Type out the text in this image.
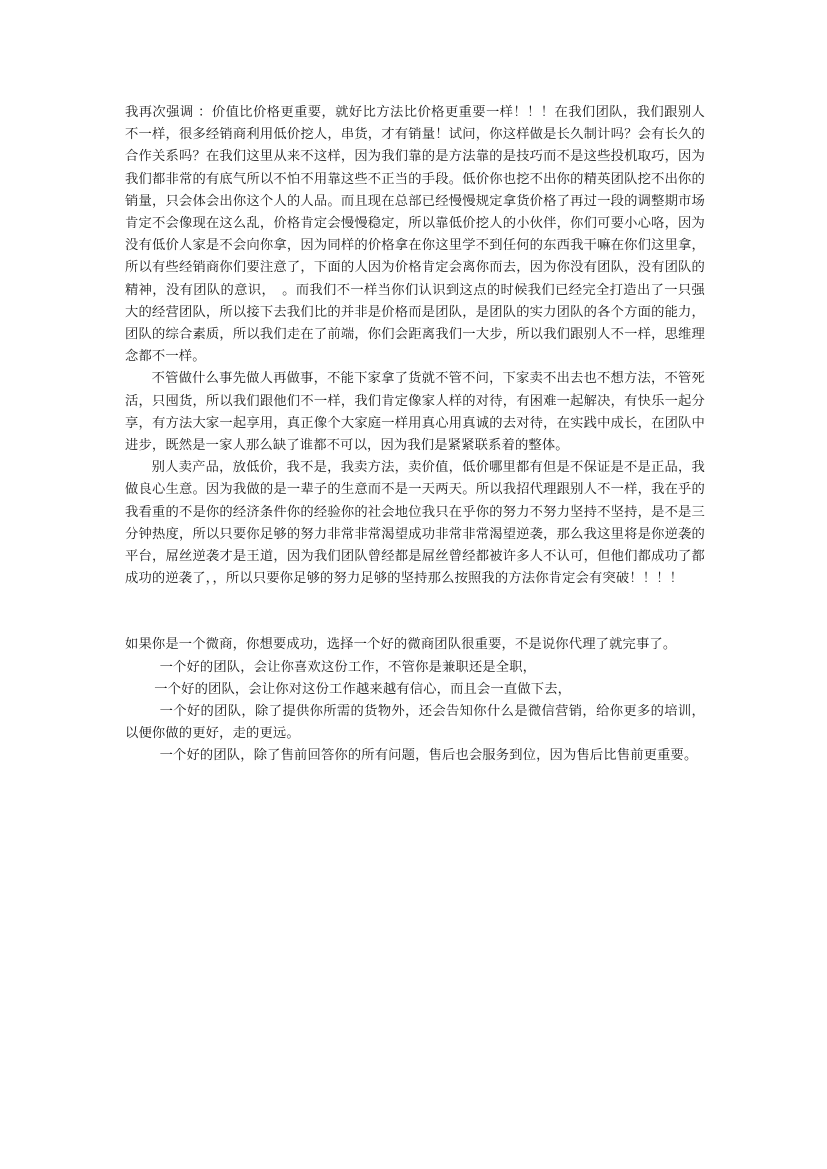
我再次强调 ：价值比价格更重要，就好比方法比价格更重要一样！！！在我们团队，我们跟别人不一样，很多经销商利用低价挖人，串货，才有销量！试问，你这样做是长久制计吗？会有长久的合作关系吗？在我们这里从来不这样，因为我们靠的是方法靠的是技巧而不是这些投机取巧，因为我们都非常的有底气所以不怕不用靠这些不正当的手段。低价你也挖不出你的精英团队挖不出你的销量，只会体会出你这个人的人品。而且现在总部已经慢慢规定拿货价格了再过一段的调整期市场肯定不会像现在这么乱，价格肯定会慢慢稳定，所以靠低价挖人的小伙伴，你们可要小心咯，因为没有低价人家是不会向你拿，因为同样的价格拿在你这里学不到任何的东西我干嘛在你们这里拿，所以有些经销商你们要注意了，下面的人因为价格肯定会离你而去，因为你没有团队，没有团队的精神，没有团队的意识，　。而我们不一样当你们认识到这点的时候我们已经完全打造出了一只强大的经营团队，所以接下去我们比的并非是价格而是团队，是团队的实力团队的各个方面的能力，团队的综合素质，所以我们走在了前端，你们会距离我们一大步，所以我们跟别人不一样，思维理念都不一样。

不管做什么事先做人再做事，不能下家拿了货就不管不问，下家卖不出去也不想方法，不管死活，只囤货，所以我们跟他们不一样，我们肯定像家人样的对待，有困难一起解决，有快乐一起分享，有方法大家一起享用，真正像个大家庭一样用真心用真诚的去对待，在实践中成长，在团队中进步，既然是一家人那么缺了谁都不可以，因为我们是紧紧联系着的整体。

别人卖产品，放低价，我不是，我卖方法，卖价值，低价哪里都有但是不保证是不是正品，我做良心生意。因为我做的是一辈子的生意而不是一天两天。所以我招代理跟别人不一样，我在乎的我看重的不是你的经济条件你的经验你的社会地位我只在乎你的努力不努力坚持不坚持，是不是三分钟热度，所以只要你足够的努力非常非常渴望成功非常非常渴望逆袭，那么我这里将是你逆袭的平台，屌丝逆袭才是王道，因为我们团队曾经都是屌丝曾经都被许多人不认可，但他们都成功了都成功的逆袭了，，所以只要你足够的努力足够的坚持那么按照我的方法你肯定会有突破！！！！

如果你是一个微商，你想要成功，选择一个好的微商团队很重要，不是说你代理了就完事了。

一个好的团队，会让你喜欢这份工作，不管你是兼职还是全职，

一个好的团队，会让你对这份工作越来越有信心，而且会一直做下去，

一个好的团队，除了提供你所需的货物外，还会告知你什么是微信营销，给你更多的培训，以便你做的更好，走的更远。

一个好的团队，除了售前回答你的所有问题，售后也会服务到位，因为售后比售前更重要。
